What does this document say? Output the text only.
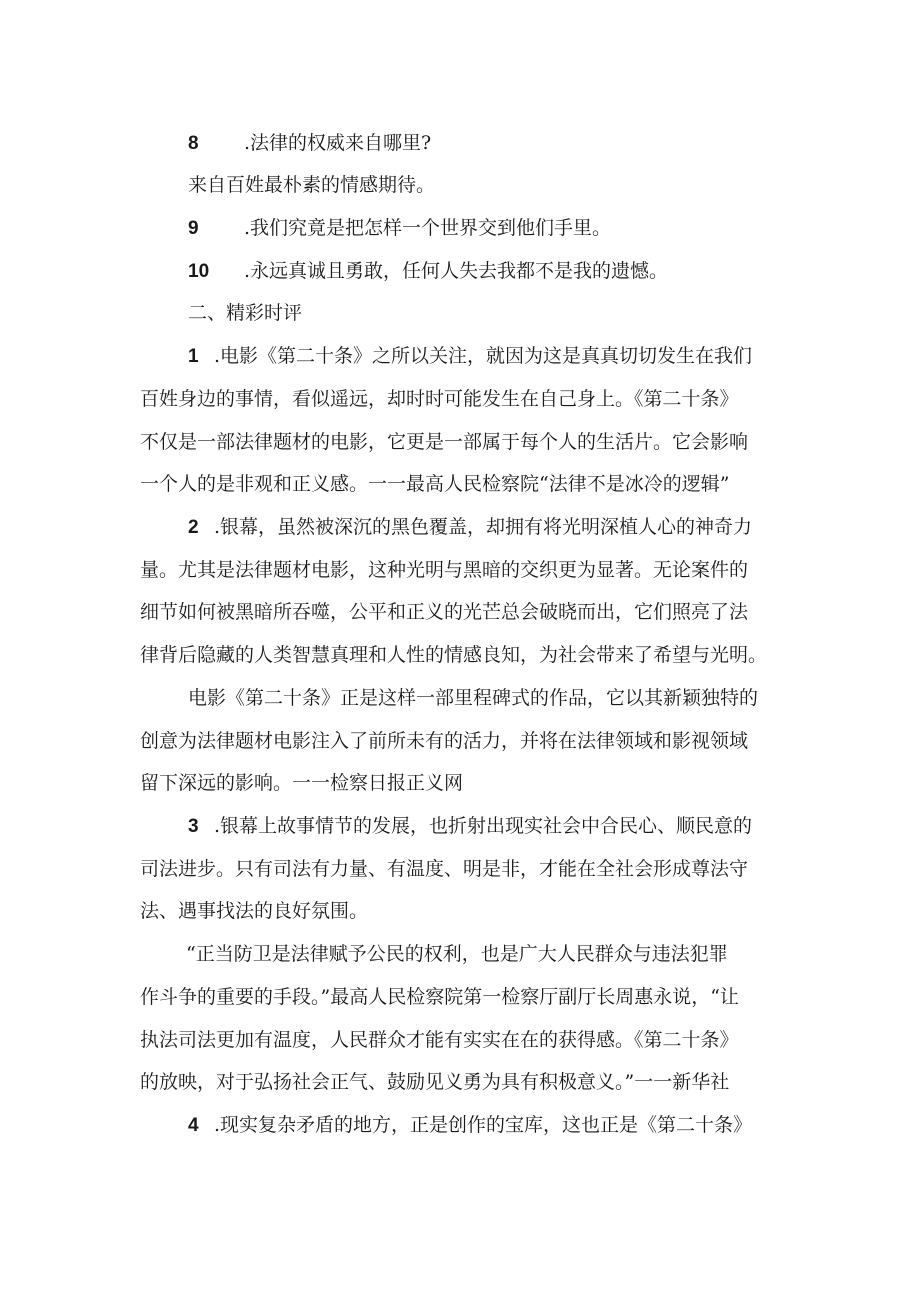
8 .法律的权威来自哪里?
来自百姓最朴素的情感期待。
9 .我们究竟是把怎样一个世界交到他们手里。
10 .永远真诚且勇敢，任何人失去我都不是我的遗憾。
二、精彩时评
1 .电影《第二十条》之所以关注，就因为这是真真切切发生在我们
百姓身边的事情，看似遥远，却时时可能发生在自己身上。《第二十条》
不仅是一部法律题材的电影，它更是一部属于每个人的生活片。它会影响
一个人的是非观和正义感。一一最高人民检察院“法律不是冰冷的逻辑”
2 .银幕，虽然被深沉的黑色覆盖，却拥有将光明深植人心的神奇力
量。尤其是法律题材电影，这种光明与黑暗的交织更为显著。无论案件的
细节如何被黑暗所吞噬，公平和正义的光芒总会破晓而出，它们照亮了法
律背后隐藏的人类智慧真理和人性的情感良知，为社会带来了希望与光明。
电影《第二十条》正是这样一部里程碑式的作品，它以其新颖独特的
创意为法律题材电影注入了前所未有的活力，并将在法律领域和影视领域
留下深远的影响。一一检察日报正义网
3 .银幕上故事情节的发展，也折射出现实社会中合民心、顺民意的
司法进步。只有司法有力量、有温度、明是非，才能在全社会形成尊法守
法、遇事找法的良好氛围。
“正当防卫是法律赋予公民的权利，也是广大人民群众与违法犯罪
作斗争的重要的手段。”最高人民检察院第一检察厅副厅长周惠永说，“让
执法司法更加有温度，人民群众才能有实实在在的获得感。《第二十条》
的放映，对于弘扬社会正气、鼓励见义勇为具有积极意义。”一一新华社
4 .现实复杂矛盾的地方，正是创作的宝库，这也正是《第二十条》
